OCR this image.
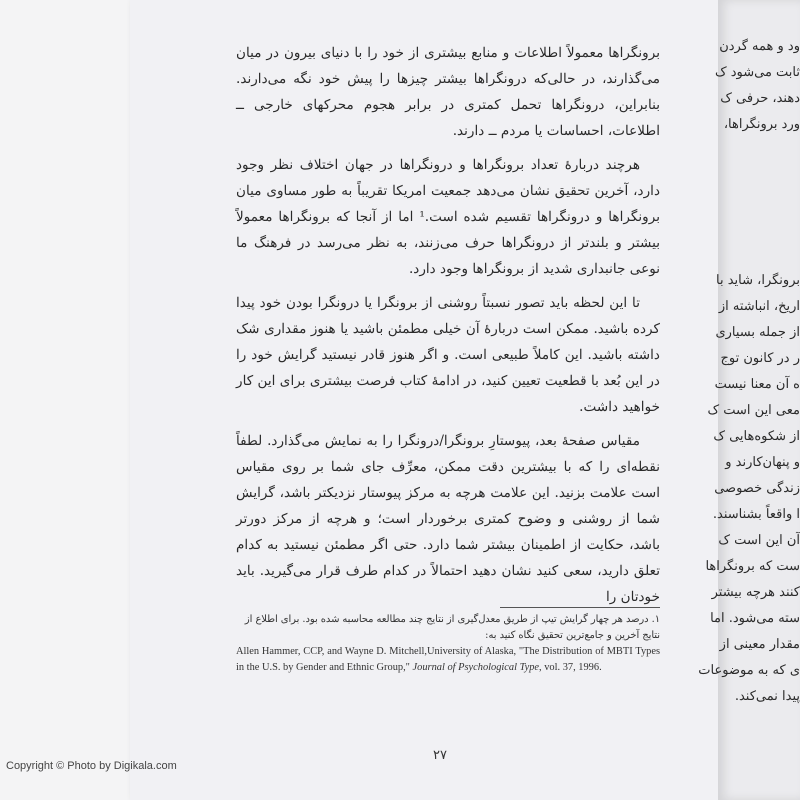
برونگراها معمولاً اطلاعات و منابع بیشتری از خود را با دنیای بیرون در میان می‌گذارند، در حالی‌که درونگراها بیشتر چیزها را پیش خود نگه می‌دارند. بنابراین، درونگراها تحمل کمتری در برابر هجوم محرکهای خارجی ــ اطلاعات، احساسات یا مردم ــ دارند.

هرچند دربارهٔ تعداد برونگراها و درونگراها در جهان اختلاف نظر وجود دارد، آخرین تحقیق نشان می‌دهد جمعیت امریکا تقریباً به طور مساوی میان برونگراها و درونگراها تقسیم شده است.¹ اما از آنجا که برونگراها معمولاً بیشتر و بلندتر از درونگراها حرف می‌زنند، به نظر می‌رسد در فرهنگ ما نوعی جانبداری شدید از برونگراها وجود دارد.

تا این لحظه باید تصور نسبتاً روشنی از برونگرا یا درونگرا بودن خود پیدا کرده باشید. ممکن است دربارهٔ آن خیلی مطمئن باشید یا هنوز مقداری شک داشته باشید. این کاملاً طبیعی است. و اگر هنوز قادر نیستید گرایش خود را در این بُعد با قطعیت تعیین کنید، در ادامهٔ کتاب فرصت بیشتری برای این کار خواهید داشت.

مقیاس صفحهٔ بعد، پیوستارِ برونگرا/درونگرا را به نمایش می‌گذارد. لطفاً نقطه‌ای را که با بیشترین دقت ممکن، معرِّف جای شما بر روی مقیاس است علامت بزنید. این علامت هرچه به مرکز پیوستار نزدیکتر باشد، گرایش شما از روشنی و وضوح کمتری برخوردار است؛ و هرچه از مرکز دورتر باشد، حکایت از اطمینان بیشتر شما دارد. حتی اگر مطمئن نیستید به کدام تعلق دارید، سعی کنید نشان دهید احتمالاً در کدام طرف قرار می‌گیرید. باید خودتان را

۱. درصد هر چهار گرایش تیپ از طریق معدل‌گیری از نتایج چند مطالعه محاسبه شده بود. برای اطلاع از نتایج آخرین و جامع‌ترین تحقیق نگاه کنید به:
Allen Hammer, CCP, and Wayne D. Mitchell,University of Alaska, "The Distribution of MBTI Types in the U.S. by Gender and Ethnic Group," Journal of Psychological Type, vol. 37, 1996.
۲۷
Copyright © Photo by Digikala.com
ود و همه گردن
ثابت می‌شود ک
دهند، حرفی ک
ورد برونگراها،
برونگرا، شاید با
اریخ، انباشته از
از جمله بسیاری
ر در کانون توج
ه آن معنا نیست
معی این است ک
از شکوه‌هایی ک
و پنهان‌کارند و
زندگی خصوصی
ا واقعاً بشناسند.
آن این است ک
ست که برونگراها
کنند هرچه بیشتر
سته می‌شود. اما
مقدار معینی از
ی که به موضوعات
پیدا نمی‌کند.
